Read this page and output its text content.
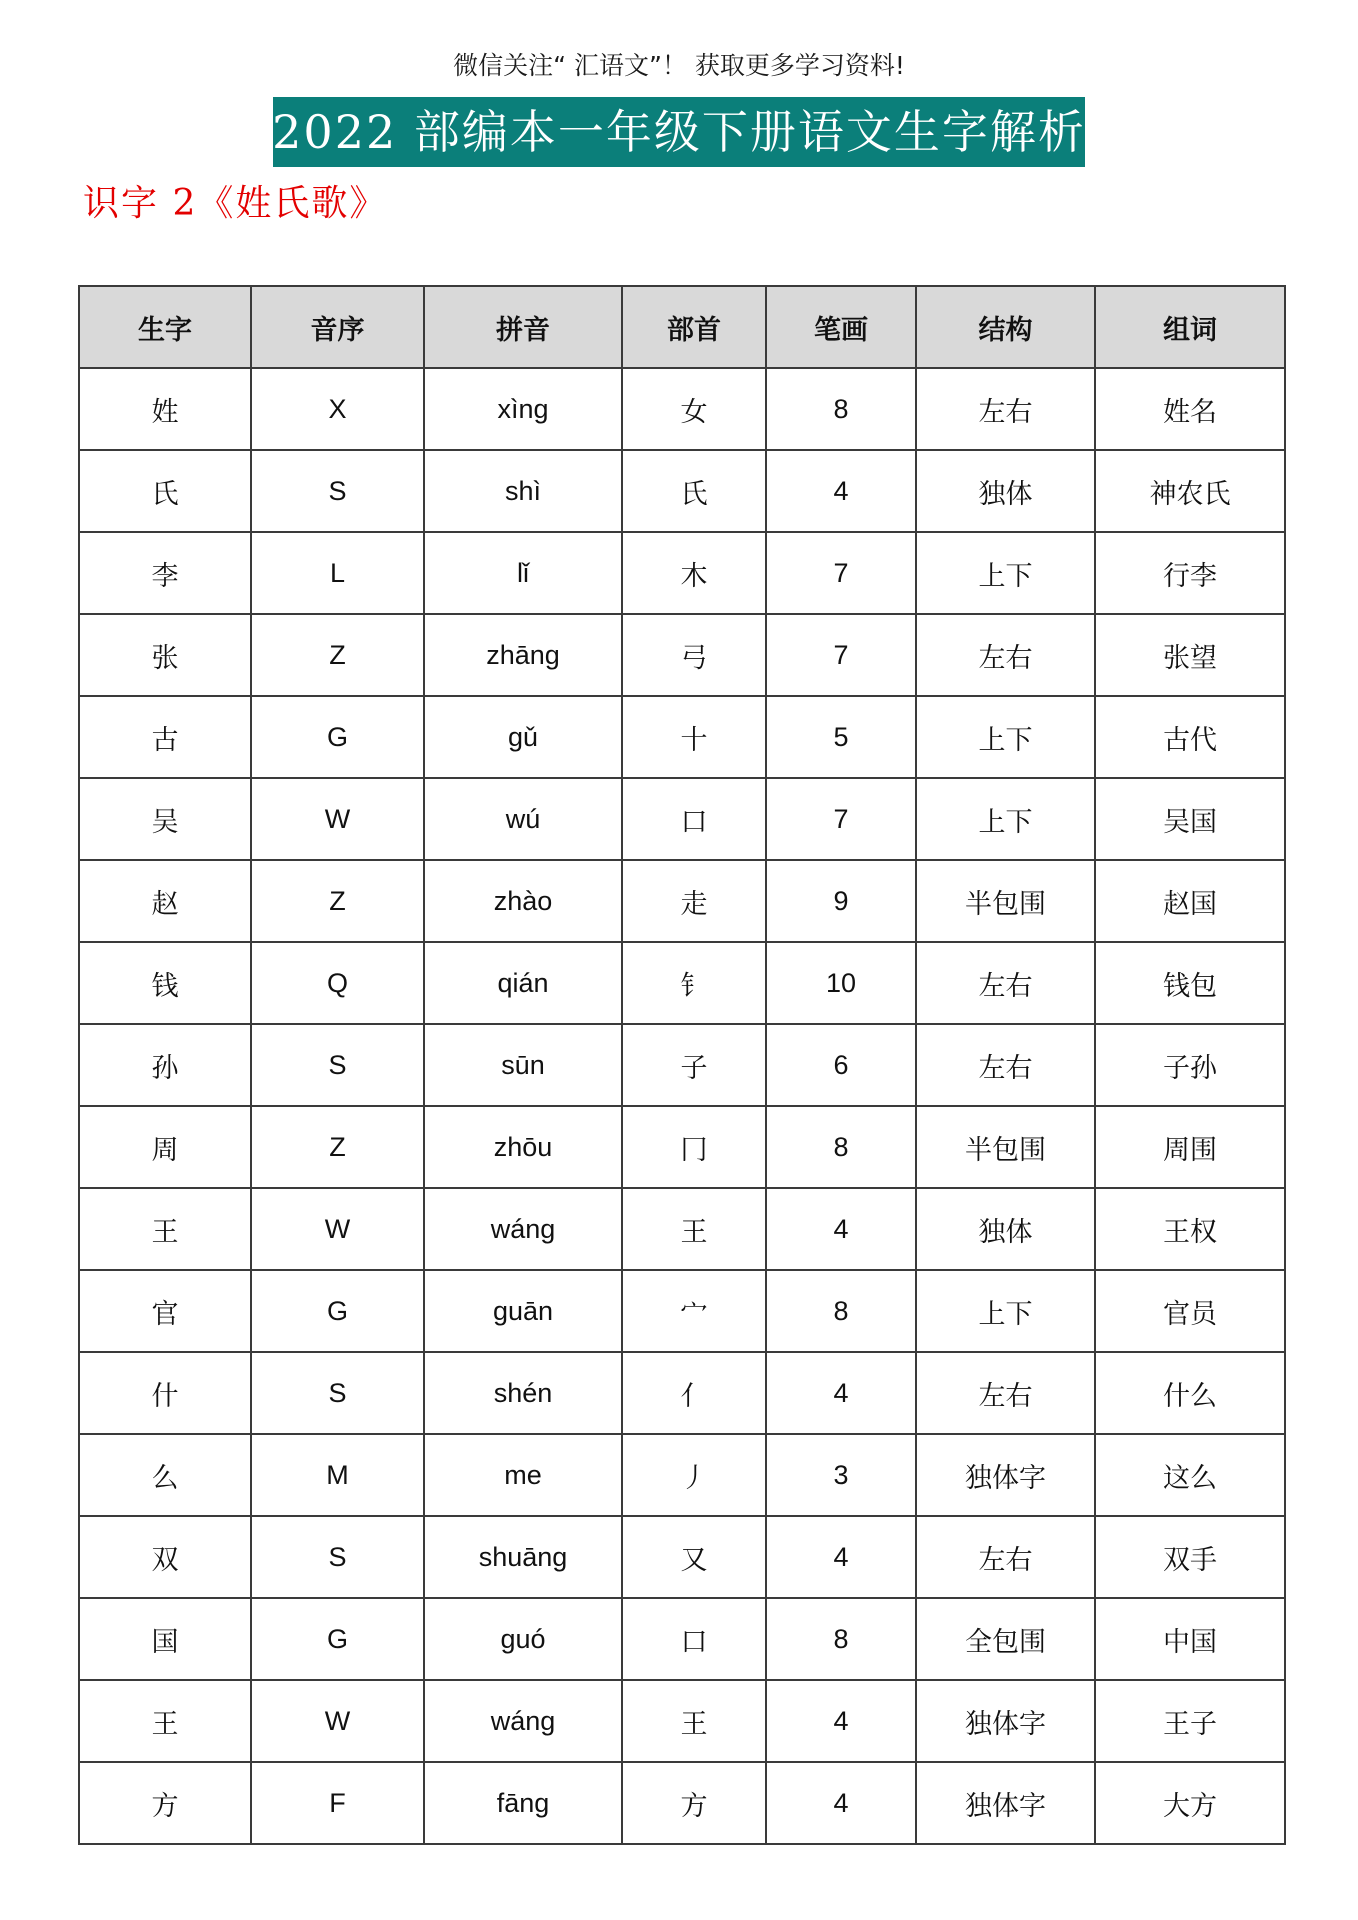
微信关注“ 汇语文”！ 获取更多学习资料!
2022 部编本一年级下册语文生字解析
识字 2《姓氏歌》
生字	音序	拼音	部首	笔画	结构	组词
姓	X	xìng	女	8	左右	姓名
氏	S	shì	氏	4	独体	神农氏
李	L	lǐ	木	7	上下	行李
张	Z	zhāng	弓	7	左右	张望
古	G	gǔ	十	5	上下	古代
吴	W	wú	口	7	上下	吴国
赵	Z	zhào	走	9	半包围	赵国
钱	Q	qián	钅	10	左右	钱包
孙	S	sūn	子	6	左右	子孙
周	Z	zhōu	冂	8	半包围	周围
王	W	wáng	王	4	独体	王权
官	G	guān	宀	8	上下	官员
什	S	shén	亻	4	左右	什么
么	M	me	丿	3	独体字	这么
双	S	shuāng	又	4	左右	双手
国	G	guó	口	8	全包围	中国
王	W	wáng	王	4	独体字	王子
方	F	fāng	方	4	独体字	大方
